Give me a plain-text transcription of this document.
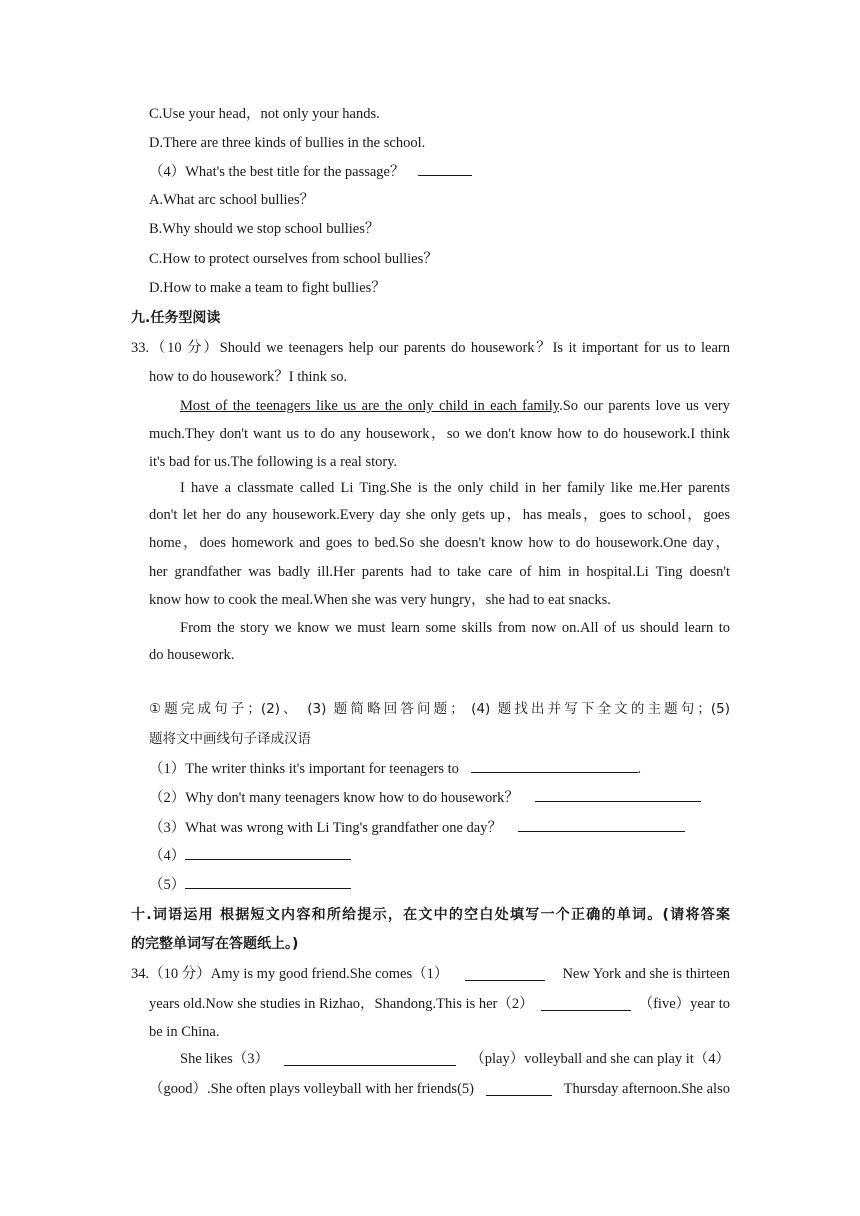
C.Use your head，not only your hands.
D.There are three kinds of bullies in the school.
（4）What's the best title for the passage？
A.What arc school bullies？
B.Why should we stop school bullies？
C.How to protect ourselves from school bullies？
D.How to make a team to fight bullies？
九.任务型阅读
33.（10 分）Should we teenagers help our parents do housework？Is it important for us to learn
how to do housework？I think so.
Most of the teenagers like us are the only child in each family.So our parents love us very
much.They don't want us to do any housework，so we don't know how to do housework.I think
it's bad for us.The following is a real story.
I have a classmate called Li Ting.She is the only child in her family like me.Her parents
don't let her do any housework.Every day she only gets up，has meals，goes to school，goes
home，does homework and goes to bed.So she doesn't know how to do housework.One day，
her grandfather was badly ill.Her parents had to take care of him in hospital.Li Ting doesn't
know how to cook the meal.When she was very hungry，she had to eat snacks.
From the story we know we must learn some skills from now on.All of us should learn to
do housework.
①题完成句子；(2)、 (3) 题简略回答问题； (4) 题找出并写下全文的主题句；(5)
题将文中画线句子译成汉语
（1）The writer thinks it's important for teenagers to	.
（2）Why don't many teenagers know how to do housework？
（3）What was wrong with Li Ting's grandfather one day？
（4）
（5）
十.词语运用 根据短文内容和所给提示，在文中的空白处填写一个正确的单词。(请将答案
的完整单词写在答题纸上。)
34.（10 分）Amy is my good friend.She comes（1）	New York and she is thirteen
years old.Now she studies in Rizhao，Shandong.This is her（2）	（five）year to
be in China.
She likes（3）	（play）volleyball and she can play it（4）
（good）.She often plays volleyball with her friends(5)	Thursday afternoon.She also
